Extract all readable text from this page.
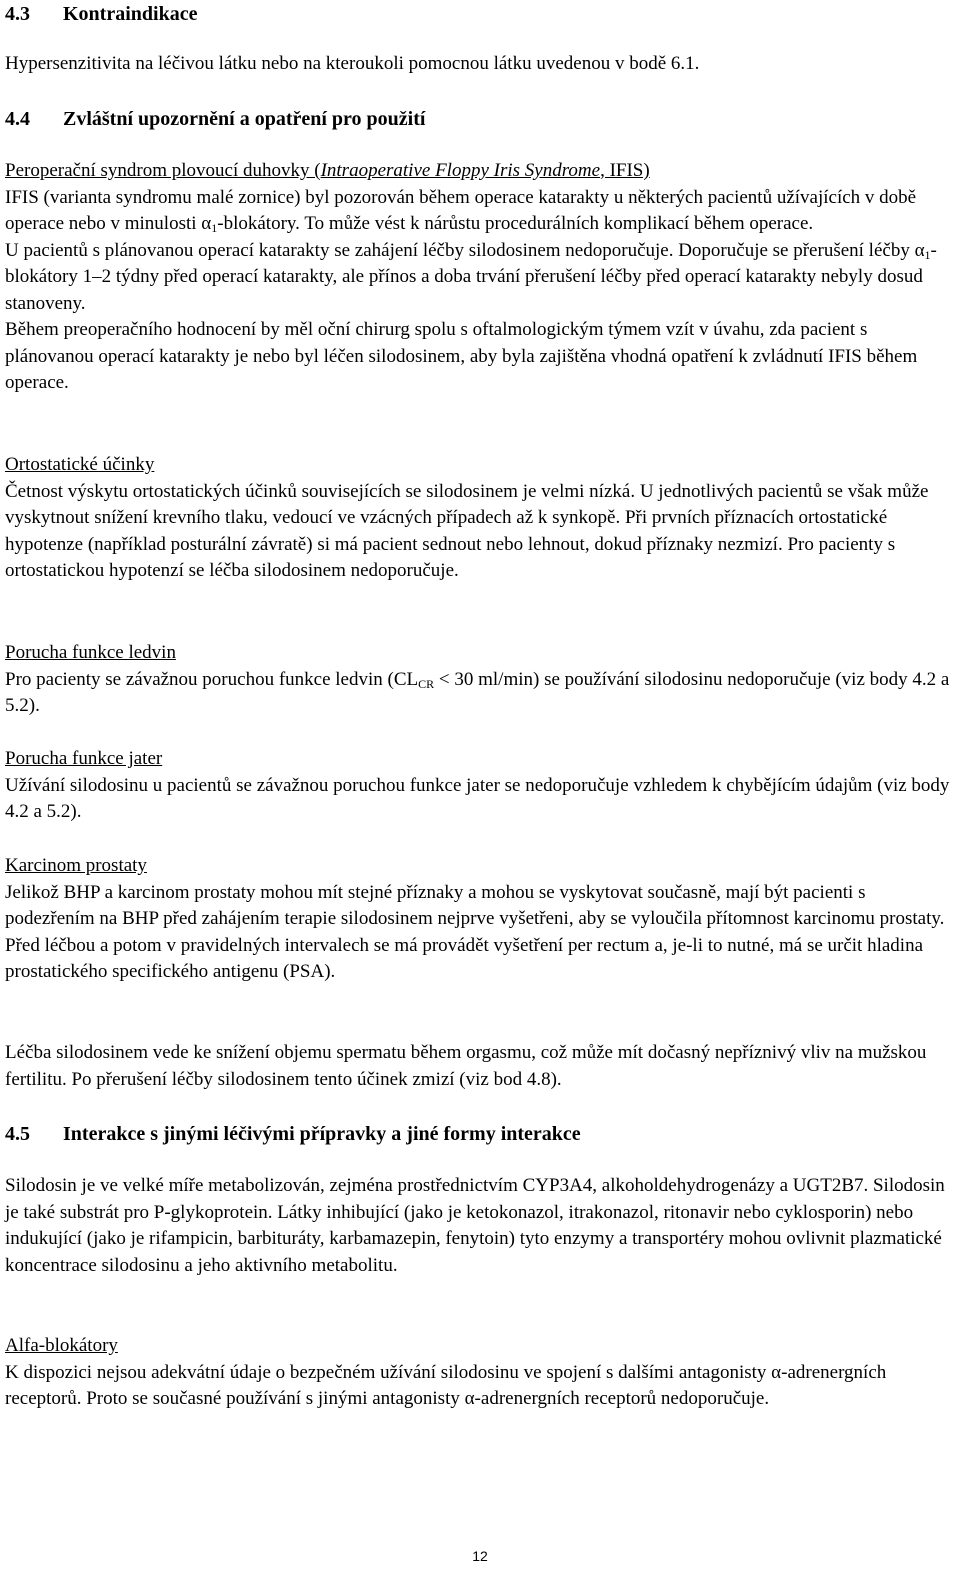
4.3 Kontraindikace

Hypersenzitivita na léčivou látku nebo na kteroukoli pomocnou látku uvedenou v bodě 6.1.

4.4 Zvláštní upozornění a opatření pro použití

Peroperační syndrom plovoucí duhovky (Intraoperative Floppy Iris Syndrome, IFIS)

IFIS (varianta syndromu malé zornice) byl pozorován během operace katarakty u některých pacientů užívajících v době operace nebo v minulosti $\alpha_1$-blokátory. To může vést k nárůstu procedurálních komplikací během operace.

U pacientů s plánovanou operací katarakty se zahájení léčby silodosinem nedoporučuje. Doporučuje se přerušení léčby $\alpha_1$-blokátory 1–2 týdny před operací katarakty, ale přínos a doba trvání přerušení léčby před operací katarakty nebyly dosud stanoveny.

Během preoperačního hodnocení by měl oční chirurg spolu s oftalmologickým týmem vzít v úvahu, zda pacient s plánovanou operací katarakty je nebo byl léčen silodosinem, aby byla zajištěna vhodná opatření k zvládnutí IFIS během operace.

Ortostatické účinky

Četnost výskytu ortostatických účinků souvisejících se silodosinem je velmi nízká. U jednotlivých pacientů se však může vyskytnout snížení krevního tlaku, vedoucí ve vzácných případech až k synkopě. Při prvních příznacích ortostatické hypotenze (například posturální závratě) si má pacient sednout nebo lehnout, dokud příznaky nezmizí. Pro pacienty s ortostatickou hypotenzí se léčba silodosinem nedoporučuje.

Porucha funkce ledvin

Pro pacienty se závažnou poruchou funkce ledvin ($CL_{CR} < 30$ ml/min) se používání silodosinu nedoporučuje (viz body 4.2 a 5.2).

Porucha funkce jater

Užívání silodosinu u pacientů se závažnou poruchou funkce jater se nedoporučuje vzhledem k chybějícím údajům (viz body 4.2 a 5.2).

Karcinom prostaty

Jelikož BHP a karcinom prostaty mohou mít stejné příznaky a mohou se vyskytovat současně, mají být pacienti s podezřením na BHP před zahájením terapie silodosinem nejprve vyšetřeni, aby se vyloučila přítomnost karcinomu prostaty. Před léčbou a potom v pravidelných intervalech se má provádět vyšetření per rectum a, je-li to nutné, má se určit hladina prostatického specifického antigenu (PSA).

Léčba silodosinem vede ke snížení objemu spermatu během orgasmu, což může mít dočasný nepříznivý vliv na mužskou fertilitu. Po přerušení léčby silodosinem tento účinek zmizí (viz bod 4.8).

4.5 Interakce s jinými léčivými přípravky a jiné formy interakce

Silodosin je ve velké míře metabolizován, zejména prostřednictvím CYP3A4, alkoholdehydrogenázy a UGT2B7. Silodosin je také substrát pro P-glykoprotein. Látky inhibující (jako je ketokonazol, itrakonazol, ritonavir nebo cyklosporin) nebo indukující (jako je rifampicin, barbituráty, karbamazepin, fenytoin) tyto enzymy a transportéry mohou ovlivnit plazmatické koncentrace silodosinu a jeho aktivního metabolitu.

Alfa-blokátory

K dispozici nejsou adekvátní údaje o bezpečném užívání silodosinu ve spojení s dalšími antagonisty α-adrenergních receptorů. Proto se současné používání s jinými antagonisty α-adrenergních receptorů nedoporučuje.

12
